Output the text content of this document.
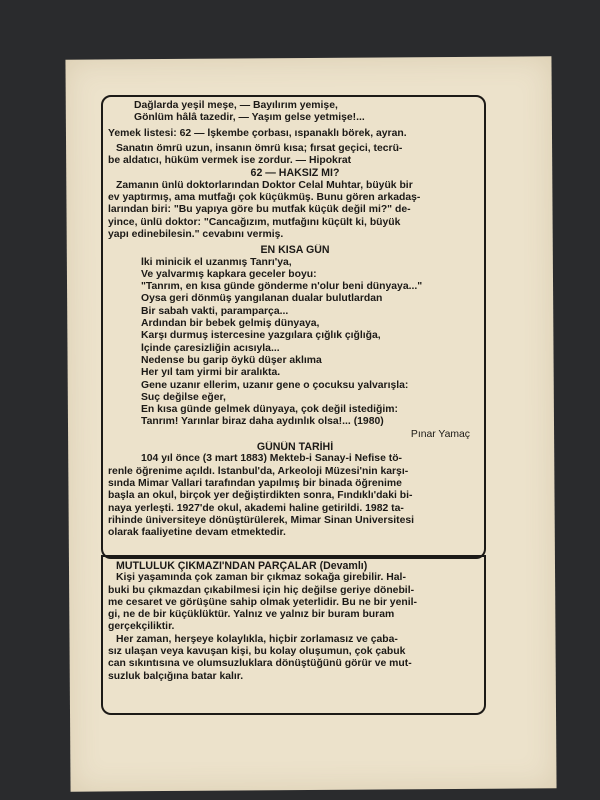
Dağlarda yeşil meşe, — Bayılırım yemişe,
Gönlüm hâlâ tazedir, — Yaşım gelse yetmişe!...
Yemek listesi: 62 — İşkembe çorbası, ıspanaklı börek, ayran.
Sanatın ömrü uzun, insanın ömrü kısa; fırsat geçici, tecrü-
be aldatıcı, hüküm vermek ise zordur. — Hipokrat
62 — HAKSIZ MI?
Zamanın ünlü doktorlarından Doktor Celal Muhtar, büyük bir
ev yaptırmış, ama mutfağı çok küçükmüş. Bunu gören arkadaş-
larından biri: "Bu yapıya göre bu mutfak küçük değil mi?" de-
yince, ünlü doktor: "Cancağızım, mutfağını küçült ki, büyük
yapı edinebilesin." cevabını vermiş.
EN KISA GÜN
İki minicik el uzanmış Tanrı'ya,
Ve yalvarmış kapkara geceler boyu:
"Tanrım, en kısa günde gönderme n'olur beni dünyaya..."
Oysa geri dönmüş yangılanan dualar bulutlardan
Bir sabah vakti, paramparça...
Ardından bir bebek gelmiş dünyaya,
Karşı durmuş istercesine yazgılara çığlık çığlığa,
İçinde çaresizliğin acısıyla...
Nedense bu garip öykü düşer aklıma
Her yıl tam yirmi bir aralıkta.
Gene uzanır ellerim, uzanır gene o çocuksu yalvarışla:
Suç değilse eğer,
En kısa günde gelmek dünyaya, çok değil istediğim:
Tanrım! Yarınlar biraz daha aydınlık olsa!... (1980)
Pınar Yamaç
GÜNÜN TARİHİ
104 yıl önce (3 mart 1883) Mekteb-i Sanay-i Nefise tö-
renle öğrenime açıldı. İstanbul'da, Arkeoloji Müzesi'nin karşı-
sında Mimar Vallari tarafından yapılmış bir binada öğrenime
başla an okul, birçok yer değiştirdikten sonra, Fındıklı'daki bi-
naya yerleşti. 1927'de okul, akademi haline getirildi. 1982 ta-
rihinde üniversiteye dönüştürülerek, Mimar Sinan Üniversitesi
olarak faaliyetine devam etmektedir.
MUTLULUK ÇIKMAZI'NDAN PARÇALAR (Devamlı)
Kişi yaşamında çok zaman bir çıkmaz sokağa girebilir. Hal-
buki bu çıkmazdan çıkabilmesi için hiç değilse geriye dönebil-
me cesaret ve görüşüne sahip olmak yeterlidir. Bu ne bir yenil-
gi, ne de bir küçüklüktür. Yalnız ve yalnız bir buram buram
gerçekçiliktir.
Her zaman, herşeye kolaylıkla, hiçbir zorlamasız ve çaba-
sız ulaşan veya kavuşan kişi, bu kolay oluşumun, çok çabuk
can sıkıntısına ve olumsuzluklara dönüştüğünü görür ve mut-
suzluk balçığına batar kalır.
